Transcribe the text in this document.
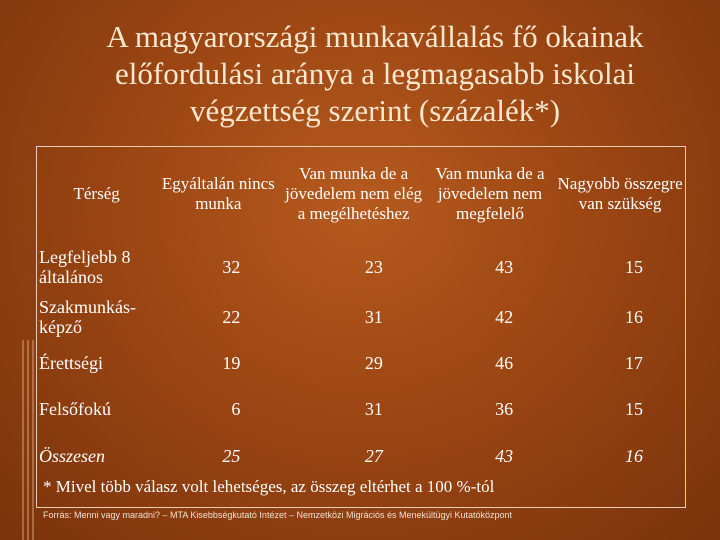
A magyarországi munkavállalás fő okainak előfordulási aránya a legmagasabb iskolai végzettség szerint (százalék*)
Térség	Egyáltalán nincs munka	Van munka de a jövedelem nem elég a megélhetéshez	Van munka de a jövedelem nem megfelelő	Nagyobb összegre van szükség
Legfeljebb 8 általános	32	23	43	15
Szakmunkás-képző	22	31	42	16
Érettségi	19	29	46	17
Felsőfokú	6	31	36	15
Összesen	25	27	43	16
* Mivel több válasz volt lehetséges, az összeg eltérhet a 100 %-tól
Forrás: Menni vagy maradni? – MTA Kisebbségkutató Intézet – Nemzetközi Migrációs és Menekültügyi Kutatóközpont
